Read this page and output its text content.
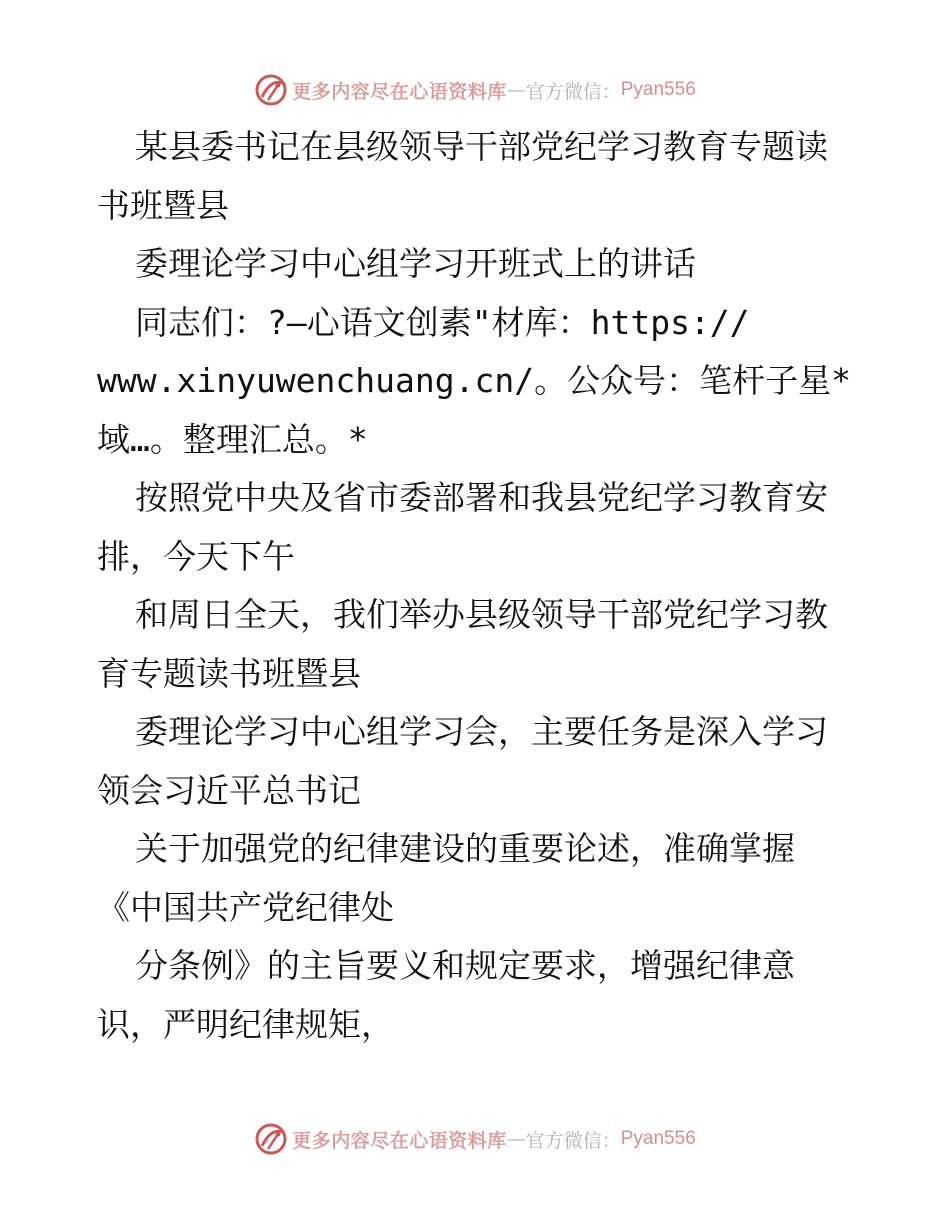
更多内容尽在心语资料库 — 官方微信： Pyan556
某县委书记在县级领导干部党纪学习教育专题读
书班暨县
委理论学习中心组学习开班式上的讲话
同志们：?—心语文创素"材库：https://
www.xinyuwenchuang.cn/。公众号：笔杆子星*
域…。整理汇总。*
按照党中央及省市委部署和我县党纪学习教育安
排，今天下午
和周日全天，我们举办县级领导干部党纪学习教
育专题读书班暨县
委理论学习中心组学习会，主要任务是深入学习
领会习近平总书记
关于加强党的纪律建设的重要论述，准确掌握
《中国共产党纪律处
分条例》的主旨要义和规定要求，增强纪律意
识，严明纪律规矩，
更多内容尽在心语资料库 — 官方微信： Pyan556
